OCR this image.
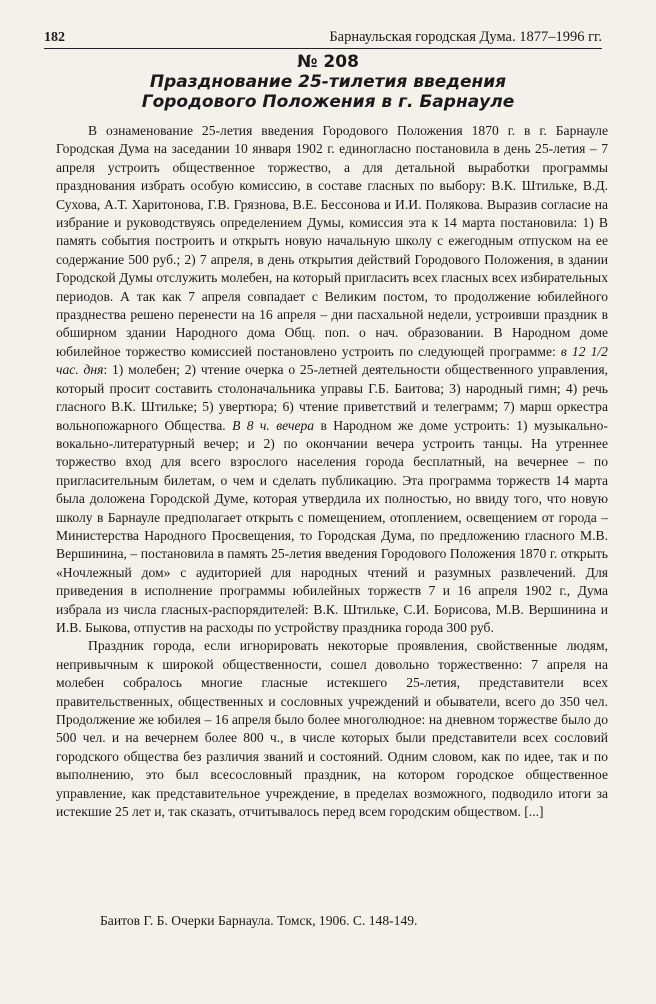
182	Барнаульская городская Дума. 1877–1996 гг.
№ 208
Празднование 25-тилетия введения
Городового Положения в г. Барнауле

В ознаменование 25-летия введения Городового Положения 1870 г. в г. Барнауле Городская Дума на заседании 10 января 1902 г. единогласно постановила в день 25-летия – 7 апреля устроить общественное торжество, а для детальной выработки программы празднования избрать особую комиссию, в составе гласных по выбору: В.К. Штильке, В.Д. Сухова, А.Т. Харитонова, Г.В. Грязнова, В.Е. Бессонова и И.И. Полякова. Выразив согласие на избрание и руководствуясь определением Думы, комиссия эта к 14 марта постановила: 1) В память события построить и открыть новую начальную школу с ежегодным отпуском на ее содержание 500 руб.; 2) 7 апреля, в день открытия действий Городового Положения, в здании Городской Думы отслужить молебен, на который пригласить всех гласных всех избирательных периодов. А так как 7 апреля совпадает с Великим постом, то продолжение юбилейного празднества решено перенести на 16 апреля – дни пасхальной недели, устроивши праздник в обширном здании Народного дома Общ. поп. о нач. образовании. В Народном доме юбилейное торжество комиссией постановлено устроить по следующей программе: в 12 1/2 час. дня: 1) молебен; 2) чтение очерка о 25-летней деятельности общественного управления, который просит составить столоначальника управы Г.Б. Баитова; 3) народный гимн; 4) речь гласного В.К. Штильке; 5) увертюра; 6) чтение приветствий и телеграмм; 7) марш оркестра вольнопожарного Общества. В 8 ч. вечера в Народном же доме устроить: 1) музыкально-вокально-литературный вечер; и 2) по окончании вечера устроить танцы. На утреннее торжество вход для всего взрослого населения города бесплатный, на вечернее – по пригласительным билетам, о чем и сделать публикацию. Эта программа торжеств 14 марта была доложена Городской Думе, которая утвердила их полностью, но ввиду того, что новую школу в Барнауле предполагает открыть с помещением, отоплением, освещением от города – Министерства Народного Просвещения, то Городская Дума, по предложению гласного М.В. Вершинина, – постановила в память 25-летия введения Городового Положения 1870 г. открыть «Ночлежный дом» с аудиторией для народных чтений и разумных развлечений. Для приведения в исполнение программы юбилейных торжеств 7 и 16 апреля 1902 г., Дума избрала из числа гласных-распорядителей: В.К. Штильке, С.И. Борисова, М.В. Вершинина и И.В. Быкова, отпустив на расходы по устройству праздника города 300 руб.

Праздник города, если игнорировать некоторые проявления, свойственные людям, непривычным к широкой общественности, сошел довольно торжественно: 7 апреля на молебен собралось многие гласные истекшего 25-летия, представители всех правительственных, общественных и сословных учреждений и обыватели, всего до 350 чел. Продолжение же юбилея – 16 апреля было более многолюдное: на дневном торжестве было до 500 чел. и на вечернем более 800 ч., в числе которых были представители всех сословий городского общества без различия званий и состояний. Одним словом, как по идее, так и по выполнению, это был всесословный праздник, на котором городское общественное управление, как представительное учреждение, в пределах возможного, подводило итоги за истекшие 25 лет и, так сказать, отчитывалось перед всем городским обществом. [...]

Баитов Г. Б. Очерки Барнаула. Томск, 1906. С. 148-149.
